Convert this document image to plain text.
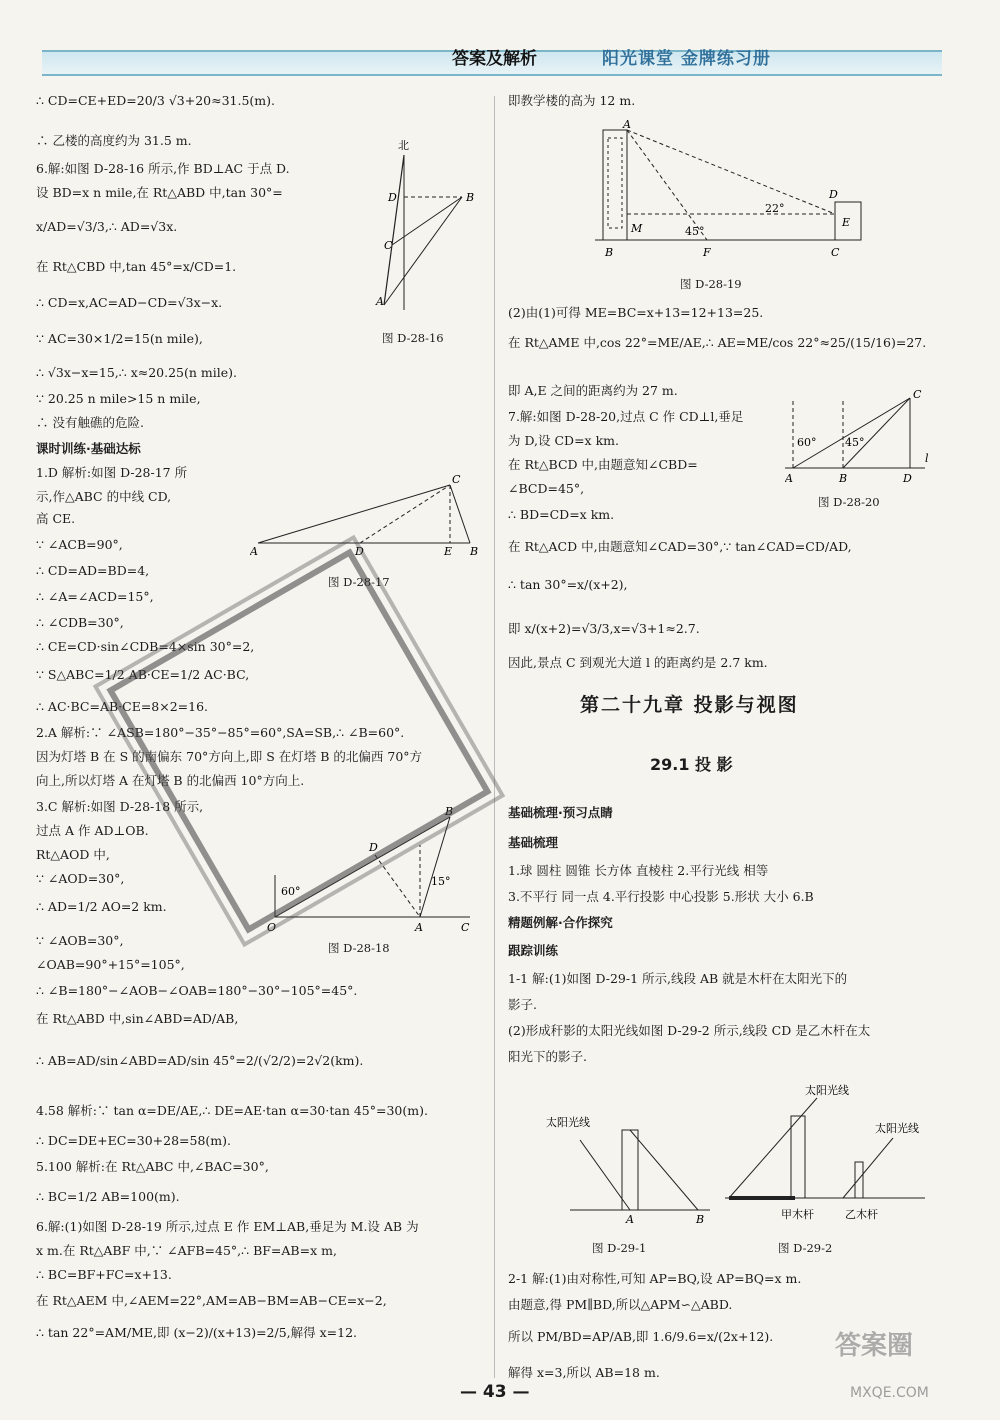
答案及解析	阳光课堂 金牌练习册
∴ CD=CE+ED=20/3 √3+20≈31.5(m).
∴ 乙楼的高度约为 31.5 m.
6.解:如图 D-28-16 所示,作 BD⊥AC 于点 D.
设 BD=x n mile,在 Rt△ABD 中,tan 30°=
x/AD=√3/3,∴ AD=√3x.
在 Rt△CBD 中,tan 45°=x/CD=1.
∴ CD=x,AC=AD−CD=√3x−x.
∵ AC=30×1/2=15(n mile),
∴ √3x−x=15,∴ x≈20.25(n mile).
∵ 20.25 n mile>15 n mile,
∴ 没有触礁的危险.
课时训练·基础达标
1.D 解析:如图 D-28-17 所
示,作△ABC 的中线 CD,
高 CE.
∵ ∠ACB=90°,
∴ CD=AD=BD=4,
∴ ∠A=∠ACD=15°,
∴ ∠CDB=30°,
∴ CE=CD·sin∠CDB=4×sin 30°=2,
∵ S△ABC=1/2 AB·CE=1/2 AC·BC,
∴ AC·BC=AB·CE=8×2=16.
2.A 解析:∵ ∠ASB=180°−35°−85°=60°,SA=SB,∴ ∠B=60°.
因为灯塔 B 在 S 的南偏东 70°方向上,即 S 在灯塔 B 的北偏西 70°方
向上,所以灯塔 A 在灯塔 B 的北偏西 10°方向上.
3.C 解析:如图 D-28-18 所示,
过点 A 作 AD⊥OB.
Rt△AOD 中,
∵ ∠AOD=30°,
∴ AD=1/2 AO=2 km.
∵ ∠AOB=30°,
∠OAB=90°+15°=105°,
∴ ∠B=180°−∠AOB−∠OAB=180°−30°−105°=45°.
在 Rt△ABD 中,sin∠ABD=AD/AB,
∴ AB=AD/sin∠ABD=AD/sin 45°=2/(√2/2)=2√2(km).
4.58 解析:∵ tan α=DE/AE,∴ DE=AE·tan α=30·tan 45°=30(m).
∴ DC=DE+EC=30+28=58(m).
5.100 解析:在 Rt△ABC 中,∠BAC=30°,
∴ BC=1/2 AB=100(m).
6.解:(1)如图 D-28-19 所示,过点 E 作 EM⊥AB,垂足为 M.设 AB 为
x m.在 Rt△ABF 中,∵ ∠AFB=45°,∴ BF=AB=x m,
∴ BC=BF+FC=x+13.
在 Rt△AEM 中,∠AEM=22°,AM=AB−BM=AB−CE=x−2,
∴ tan 22°=AM/ME,即 (x−2)/(x+13)=2/5,解得 x=12.
即教学楼的高为 12 m.
(2)由(1)可得 ME=BC=x+13=12+13=25.
在 Rt△AME 中,cos 22°=ME/AE,∴ AE=ME/cos 22°≈25/(15/16)=27.
即 A,E 之间的距离约为 27 m.
7.解:如图 D-28-20,过点 C 作 CD⊥l,垂足
为 D,设 CD=x km.
在 Rt△BCD 中,由题意知∠CBD=
∠BCD=45°,
∴ BD=CD=x km.
在 Rt△ACD 中,由题意知∠CAD=30°,∵ tan∠CAD=CD/AD,
∴ tan 30°=x/(x+2),
即 x/(x+2)=√3/3,x=√3+1≈2.7.
因此,景点 C 到观光大道 l 的距离约是 2.7 km.
基础梳理·预习点睛
基础梳理
1.球 圆柱 圆锥 长方体 直棱柱 2.平行光线 相等
3.不平行 同一点 4.平行投影 中心投影 5.形状 大小 6.B
精题例解·合作探究
跟踪训练
1-1 解:(1)如图 D-29-1 所示,线段 AB 就是木杆在太阳光下的
影子.
(2)形成秆影的太阳光线如图 D-29-2 所示,线段 CD 是乙木杆在太
阳光下的影子.
2-1 解:(1)由对称性,可知 AP=BQ,设 AP=BQ=x m.
由题意,得 PM∥BD,所以△APM∽△ABD.
所以 PM/BD=AP/AB,即 1.6/9.6=x/(2x+12).
解得 x=3,所以 AB=18 m.
北
D	B
C
A
图 D-28-16
A	D	E B
C
图 D-28-17
O	A	C
B
D
60°
15°
图 D-28-18
A
B
M
F	C
D
E
22°
45°
图 D-28-19
A	B	D
C
l
60°	45°
图 D-28-20
第二十九章 投影与视图
29.1 投 影
太阳光线
A	B
图 D-29-1
太阳光线
太阳光线
甲木杆	乙木杆
图 D-29-2
答案圈
MXQE.COM
— 43 —
